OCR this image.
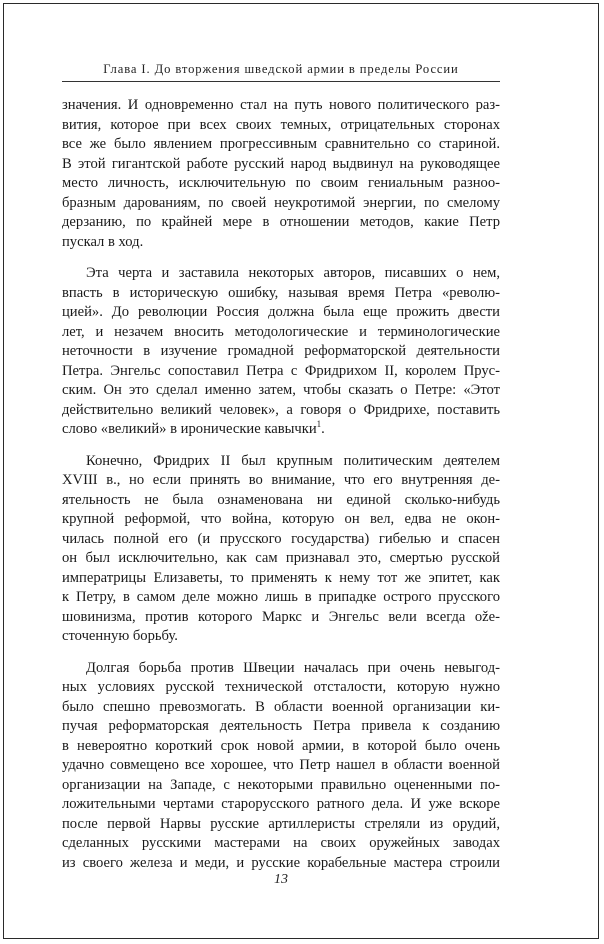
Глава I. До вторжения шведской армии в пределы России

значения. И одновременно стал на путь нового политического раз-
вития, которое при всех своих темных, отрицательных сторонах
все же было явлением прогрессивным сравнительно со стариной.
В этой гигантской работе русский народ выдвинул на руководящее
место личность, исключительную по своим гениальным разноо-
бразным дарованиям, по своей неукротимой энергии, по смелому
дерзанию, по крайней мере в отношении методов, какие Петр
пускал в ход.

Эта черта и заставила некоторых авторов, писавших о нем,
впасть в историческую ошибку, называя время Петра «револю-
цией». До революции Россия должна была еще прожить двести
лет, и незачем вносить методологические и терминологические
неточности в изучение громадной реформаторской деятельности
Петра. Энгельс сопоставил Петра с Фридрихом II, королем Прус-
ским. Он это сделал именно затем, чтобы сказать о Петре: «Этот
действительно великий человек», а говоря о Фридрихе, поставить
слово «великий» в иронические кавычки$^1$.

Конечно, Фридрих II был крупным политическим деятелем
XVIII в., но если принять во внимание, что его внутренняя де-
ятельность не была ознаменована ни единой сколько-нибудь
крупной реформой, что война, которую он вел, едва не окон-
чилась полной его (и прусского государства) гибелью и спасен
он был исключительно, как сам признавал это, смертью русской
императрицы Елизаветы, то применять к нему тот же эпитет, как
к Петру, в самом деле можно лишь в припадке острого прусского
шовинизма, против которого Маркс и Энгельс вели всегда ože-
сточенную борьбу.

Долгая борьба против Швеции началась при очень невыгод-
ных условиях русской технической отсталости, которую нужно
было спешно превозмогать. В области военной организации ки-
пучая реформаторская деятельность Петра привела к созданию
в невероятно короткий срок новой армии, в которой было очень
удачно совмещено все хорошее, что Петр нашел в области военной
организации на Западе, с некоторыми правильно оцененными по-
ложительными чертами старорусского ратного дела. И уже вскоре
после первой Нарвы русские артиллеристы стреляли из орудий,
сделанных русскими мастерами на своих оружейных заводах
из своего железа и меди, и русские корабельные мастера строили

13
